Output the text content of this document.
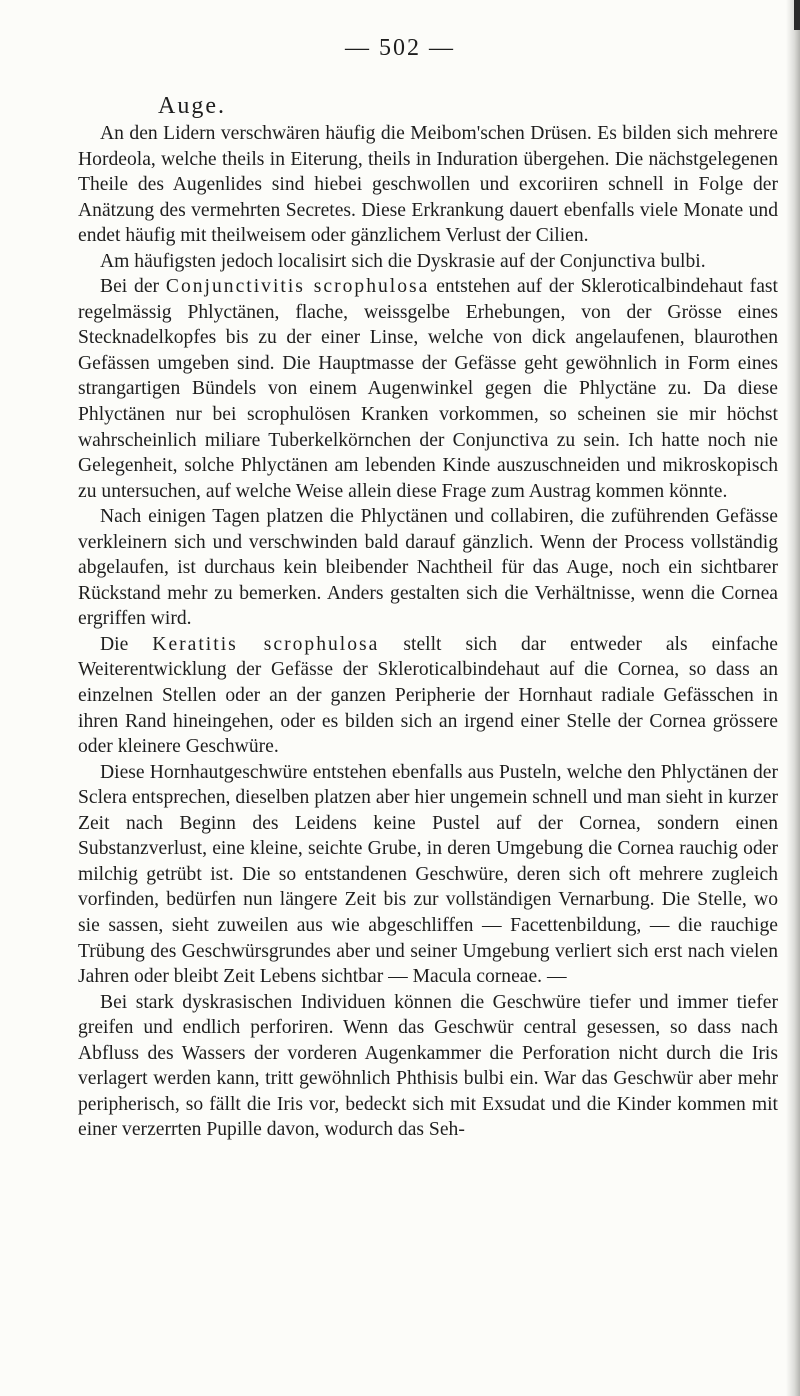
— 502 —
Auge.

An den Lidern verschwären häufig die Meibom'schen Drüsen. Es bilden sich mehrere Hordeola, welche theils in Eiterung, theils in Induration übergehen. Die nächstgelegenen Theile des Augenlides sind hiebei geschwollen und excoriiren schnell in Folge der Anätzung des vermehrten Secretes. Diese Erkrankung dauert ebenfalls viele Monate und endet häufig mit theilweisem oder gänzlichem Verlust der Cilien.

Am häufigsten jedoch localisirt sich die Dyskrasie auf der Conjunctiva bulbi.

Bei der Conjunctivitis scrophulosa entstehen auf der Skleroticalbindehaut fast regelmässig Phlyctänen, flache, weissgelbe Erhebungen, von der Grösse eines Stecknadelkopfes bis zu der einer Linse, welche von dick angelaufenen, blaurothen Gefässen umgeben sind. Die Hauptmasse der Gefässe geht gewöhnlich in Form eines strangartigen Bündels von einem Augenwinkel gegen die Phlyctäne zu. Da diese Phlyctänen nur bei scrophulösen Kranken vorkommen, so scheinen sie mir höchst wahrscheinlich miliare Tuberkelkörnchen der Conjunctiva zu sein. Ich hatte noch nie Gelegenheit, solche Phlyctänen am lebenden Kinde auszuschneiden und mikroskopisch zu untersuchen, auf welche Weise allein diese Frage zum Austrag kommen könnte.

Nach einigen Tagen platzen die Phlyctänen und collabiren, die zuführenden Gefässe verkleinern sich und verschwinden bald darauf gänzlich. Wenn der Process vollständig abgelaufen, ist durchaus kein bleibender Nachtheil für das Auge, noch ein sichtbarer Rückstand mehr zu bemerken. Anders gestalten sich die Verhältnisse, wenn die Cornea ergriffen wird.

Die Keratitis scrophulosa stellt sich dar entweder als einfache Weiterentwicklung der Gefässe der Skleroticalbindehaut auf die Cornea, so dass an einzelnen Stellen oder an der ganzen Peripherie der Hornhaut radiale Gefässchen in ihren Rand hineingehen, oder es bilden sich an irgend einer Stelle der Cornea grössere oder kleinere Geschwüre.

Diese Hornhautgeschwüre entstehen ebenfalls aus Pusteln, welche den Phlyctänen der Sclera entsprechen, dieselben platzen aber hier ungemein schnell und man sieht in kurzer Zeit nach Beginn des Leidens keine Pustel auf der Cornea, sondern einen Substanzverlust, eine kleine, seichte Grube, in deren Umgebung die Cornea rauchig oder milchig getrübt ist. Die so entstandenen Geschwüre, deren sich oft mehrere zugleich vorfinden, bedürfen nun längere Zeit bis zur vollständigen Vernarbung. Die Stelle, wo sie sassen, sieht zuweilen aus wie abgeschliffen — Facettenbildung, — die rauchige Trübung des Geschwürsgrundes aber und seiner Umgebung verliert sich erst nach vielen Jahren oder bleibt Zeit Lebens sichtbar — Macula corneae. —

Bei stark dyskrasischen Individuen können die Geschwüre tiefer und immer tiefer greifen und endlich perforiren. Wenn das Geschwür central gesessen, so dass nach Abfluss des Wassers der vorderen Augenkammer die Perforation nicht durch die Iris verlagert werden kann, tritt gewöhnlich Phthisis bulbi ein. War das Geschwür aber mehr peripherisch, so fällt die Iris vor, bedeckt sich mit Exsudat und die Kinder kommen mit einer verzerrten Pupille davon, wodurch das Seh-
